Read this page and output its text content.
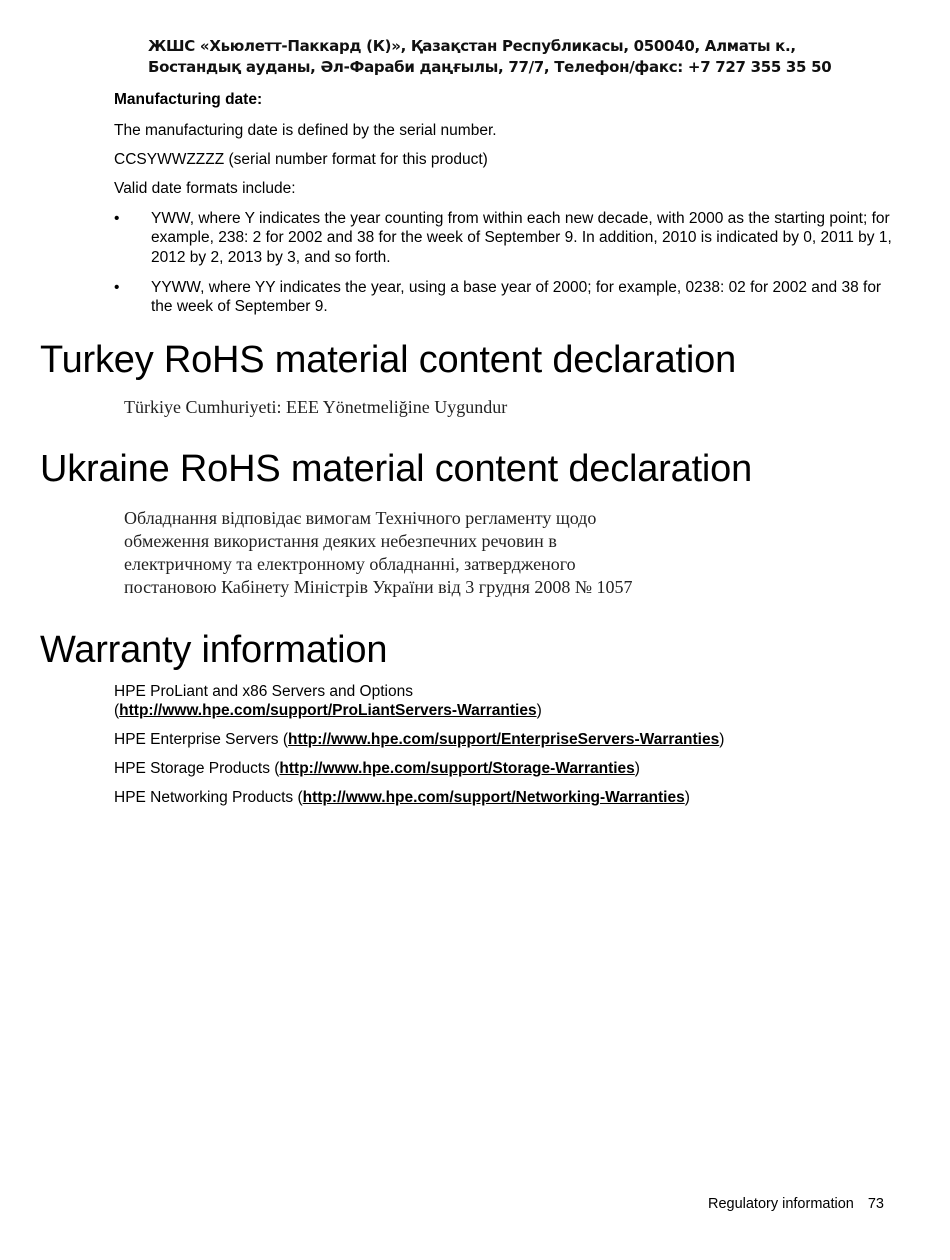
ЖШС «Хьюлетт-Паккард (К)», Қазақстан Республикасы, 050040, Алматы к.,
Бостандық ауданы, Әл-Фараби даңғылы, 77/7, Телефон/факс: +7 727 355 35 50
Manufacturing date:
The manufacturing date is defined by the serial number.
CCSYWWZZZZ (serial number format for this product)
Valid date formats include:
•	YWW, where Y indicates the year counting from within each new decade, with 2000 as the starting point; for example, 238: 2 for 2002 and 38 for the week of September 9. In addition, 2010 is indicated by 0, 2011 by 1, 2012 by 2, 2013 by 3, and so forth.
•	YYWW, where YY indicates the year, using a base year of 2000; for example, 0238: 02 for 2002 and 38 for the week of September 9.
Turkey RoHS material content declaration
Türkiye Cumhuriyeti: EEE Yönetmeliğine Uygundur
Ukraine RoHS material content declaration
Обладнання відповідає вимогам Технічного регламенту щодо
обмеження використання деяких небезпечних речовин в
електричному та електронному обладнанні, затвердженого
постановою Кабінету Міністрів України від 3 грудня 2008 № 1057
Warranty information
HPE ProLiant and x86 Servers and Options
(http://www.hpe.com/support/ProLiantServers-Warranties)
HPE Enterprise Servers (http://www.hpe.com/support/EnterpriseServers-Warranties)
HPE Storage Products (http://www.hpe.com/support/Storage-Warranties)
HPE Networking Products (http://www.hpe.com/support/Networking-Warranties)
Regulatory information 73
